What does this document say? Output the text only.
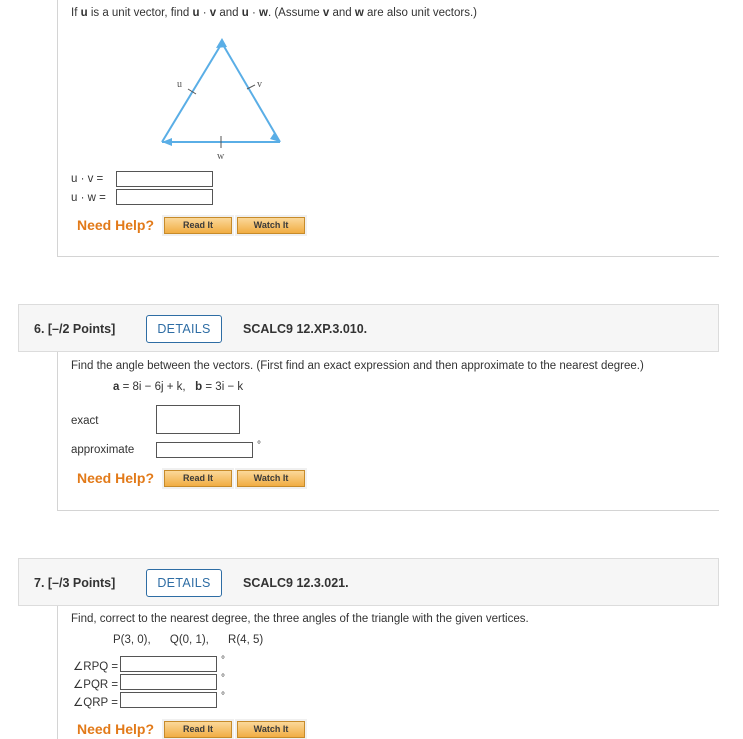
If u is a unit vector, find u · v and u · w. (Assume v and w are also unit vectors.)
u	v
w
u · v =
u · w =
Need Help?	Read It	Watch It
6. [–/2 Points]	DETAILS	SCALC9 12.XP.3.010.
Find the angle between the vectors. (First find an exact expression and then approximate to the nearest degree.)
a = 8i − 6j + k, b = 3i − k
exact
approximate	°
Need Help?	Read It	Watch It
7. [–/3 Points]	DETAILS	SCALC9 12.3.021.
Find, correct to the nearest degree, the three angles of the triangle with the given vertices.
P(3, 0), Q(0, 1), R(4, 5)
∠RPQ =
°
∠PQR =
°
∠QRP =
°
Need Help?	Read It	Watch It
